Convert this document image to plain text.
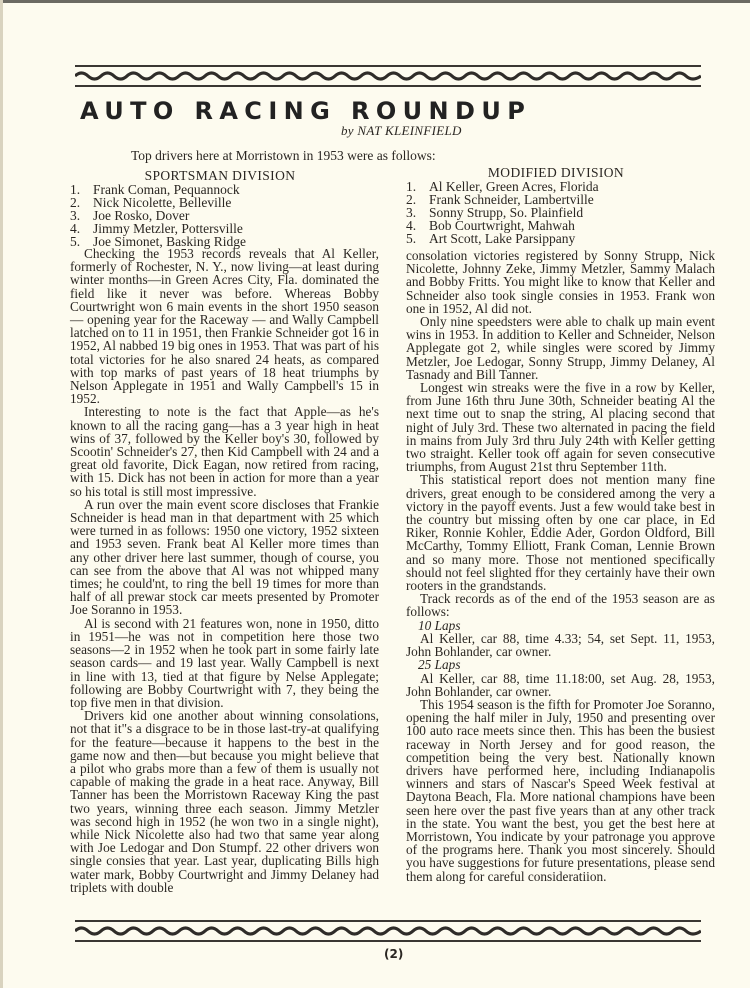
AUTO RACING ROUNDUP
by NAT KLEINFIELD
Top drivers here at Morristown in 1953 were as follows:
SPORTSMAN DIVISION
1. Frank Coman, Pequannock
2. Nick Nicolette, Belleville
3. Joe Rosko, Dover
4. Jimmy Metzler, Pottersville
5. Joe Simonet, Basking Ridge
MODIFIED DIVISION
1. Al Keller, Green Acres, Florida
2. Frank Schneider, Lambertville
3. Sonny Strupp, So. Plainfield
4. Bob Courtwright, Mahwah
5. Art Scott, Lake Parsippany

Checking the 1953 records reveals that Al Keller, formerly of Rochester, N. Y., now living—at least during winter months—in Green Acres City, Fla. dominated the field like it never was before. Whereas Bobby Courtwright won 6 main events in the short 1950 season — opening year for the Raceway — and Wally Campbell latched on to 11 in 1951, then Frankie Schneider got 16 in 1952, Al nabbed 19 big ones in 1953. That was part of his total victories for he also snared 24 heats, as compared with top marks of past years of 18 heat triumphs by Nelson Applegate in 1951 and Wally Campbell's 15 in 1952.

Interesting to note is the fact that Apple—as he's known to all the racing gang—has a 3 year high in heat wins of 37, followed by the Keller boy's 30, followed by Scootin' Schneider's 27, then Kid Campbell with 24 and a great old favorite, Dick Eagan, now retired from racing, with 15. Dick has not been in action for more than a year so his total is still most impressive.

A run over the main event score discloses that Frankie Schneider is head man in that department with 25 which were turned in as follows: 1950 one victory, 1952 sixteen and 1953 seven. Frank beat Al Keller more times than any other driver here last summer, though of course, you can see from the above that Al was not whipped many times; he could'nt, to ring the bell 19 times for more than half of all prewar stock car meets presented by Promoter Joe Soranno in 1953.

Al is second with 21 features won, none in 1950, ditto in 1951—he was not in competition here those two seasons—2 in 1952 when he took part in some fairly late season cards— and 19 last year. Wally Campbell is next in line with 13, tied at that figure by Nelse Applegate; following are Bobby Courtwright with 7, they being the top five men in that division.

Drivers kid one another about winning consolations, not that it"s a disgrace to be in those last-try-at qualifying for the feature—because it happens to the best in the game now and then—but because you might believe that a pilot who grabs more than a few of them is usually not capable of making the grade in a heat race. Anyway, Bill Tanner has been the Morristown Raceway King the past two years, winning three each season. Jimmy Metzler was second high in 1952 (he won two in a single night), while Nick Nicolette also had two that same year along with Joe Ledogar and Don Stumpf. 22 other drivers won single consies that year. Last year, duplicating Bills high water mark, Bobby Courtwright and Jimmy Delaney had triplets with double

consolation victories registered by Sonny Strupp, Nick Nicolette, Johnny Zeke, Jimmy Metzler, Sammy Malach and Bobby Fritts. You might like to know that Keller and Schneider also took single consies in 1953. Frank won one in 1952, Al did not.

Only nine speedsters were able to chalk up main event wins in 1953. In addition to Keller and Schneider, Nelson Applegate got 2, while singles were scored by Jimmy Metzler, Joe Ledogar, Sonny Strupp, Jimmy Delaney, Al Tasnady and Bill Tanner.

Longest win streaks were the five in a row by Keller, from June 16th thru June 30th, Schneider beating Al the next time out to snap the string, Al placing second that night of July 3rd. These two alternated in pacing the field in mains from July 3rd thru July 24th with Keller getting two straight. Keller took off again for seven consecutive triumphs, from August 21st thru September 11th.

This statistical report does not mention many fine drivers, great enough to be considered among the very a victory in the payoff events. Just a few would take best in the country but missing often by one car place, in Ed Riker, Ronnie Kohler, Eddie Ader, Gordon Oldford, Bill McCarthy, Tommy Elliott, Frank Coman, Lennie Brown and so many more. Those not mentioned specifically should not feel slighted ffor they certainly have their own rooters in the grandstands.

Track records as of the end of the 1953 season are as follows:

10 Laps

Al Keller, car 88, time 4.33; 54, set Sept. 11, 1953, John Bohlander, car owner.

25 Laps

Al Keller, car 88, time 11.18:00, set Aug. 28, 1953, John Bohlander, car owner.

This 1954 season is the fifth for Promoter Joe Soranno, opening the half miler in July, 1950 and presenting over 100 auto race meets since then. This has been the busiest raceway in North Jersey and for good reason, the competition being the very best. Nationally known drivers have performed here, including Indianapolis winners and stars of Nascar's Speed Week festival at Daytona Beach, Fla. More national champions have been seen here over the past five years than at any other track in the state. You want the best, you get the best here at Morristown, You indicate by your patronage you approve of the programs here. Thank you most sincerely. Should you have suggestions for future presentations, please send them along for careful consideratiion.

(2)
